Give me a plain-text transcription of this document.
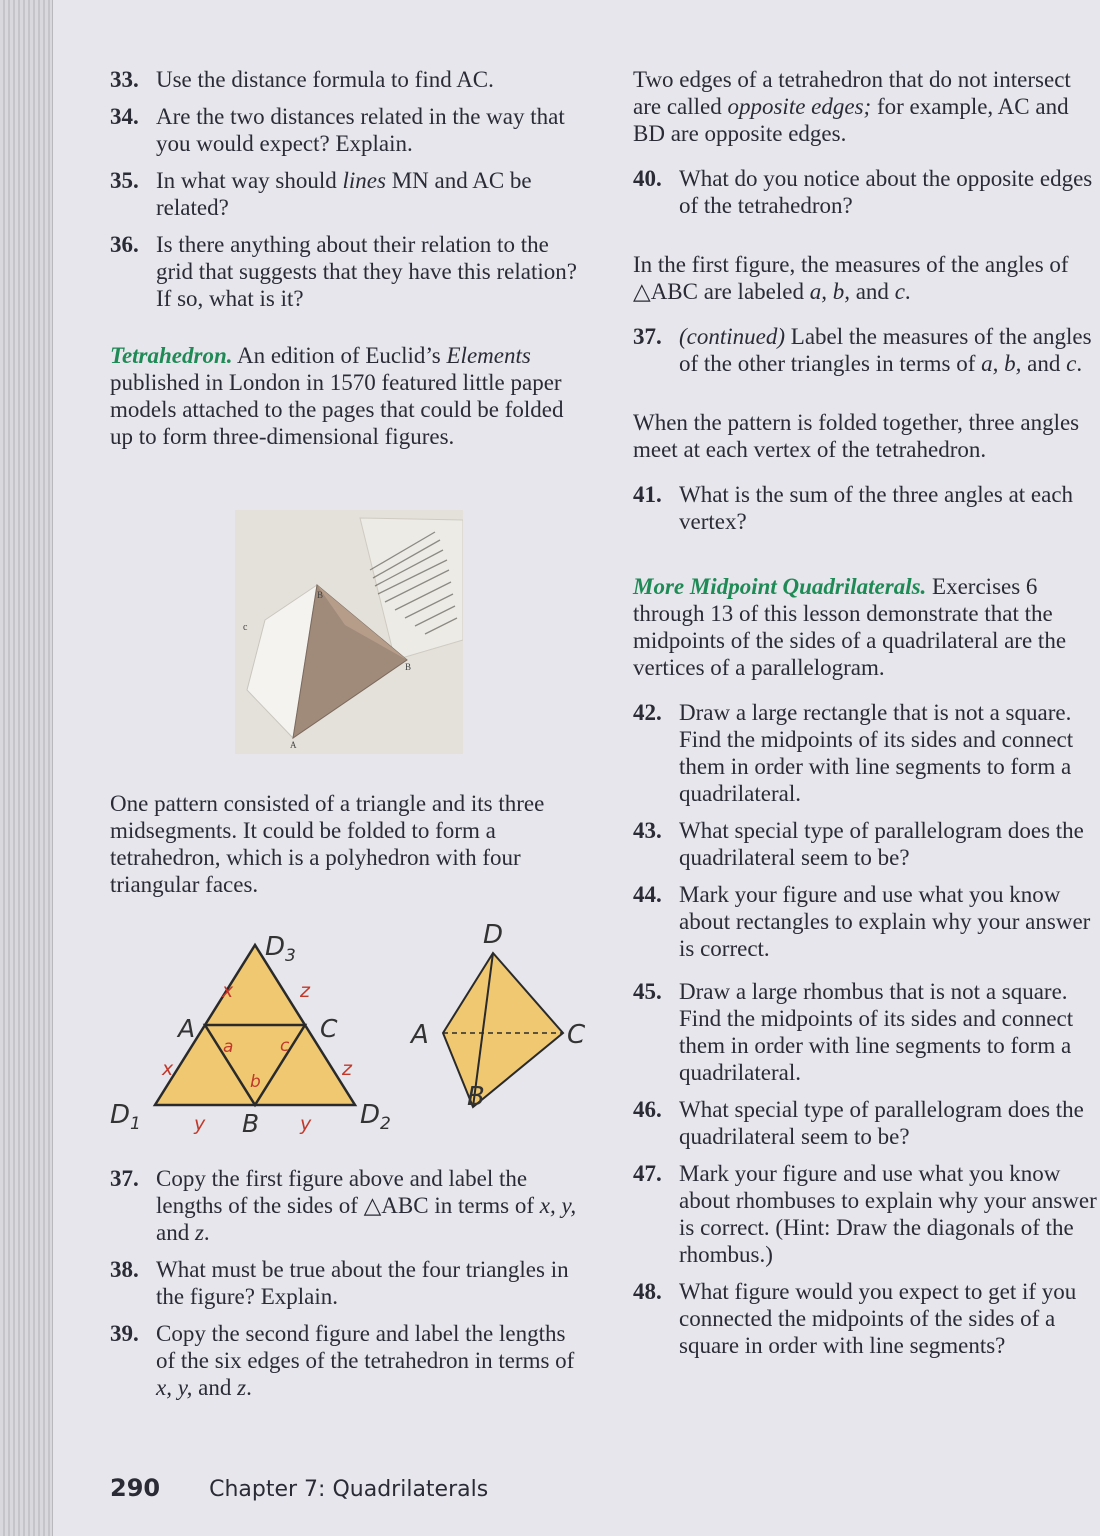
33. Use the distance formula to find AC.
34. Are the two distances related in the way that you would expect? Explain.
35. In what way should lines MN and AC be related?
36. Is there anything about their relation to the grid that suggests that they have this relation? If so, what is it?

Tetrahedron. An edition of Euclid’s Elements published in London in 1570 featured little paper models attached to the pages that could be folded up to form three-dimensional figures.

c
B
B
A

One pattern consisted of a triangle and its three midsegments. It could be folded to form a tetrahedron, which is a polyhedron with four triangular faces.

$D_3$
$D_1$	$D_2$
A	C
B
a	c
b
x
x
z
z
y	y
D
A	C
B
37. Copy the first figure above and label the lengths of the sides of △ABC in terms of x, y, and z.
38. What must be true about the four triangles in the figure? Explain.
39. Copy the second figure and label the lengths of the six edges of the tetrahedron in terms of x, y, and z.

Two edges of a tetrahedron that do not intersect are called opposite edges; for example, AC and BD are opposite edges.

40. What do you notice about the opposite edges of the tetrahedron?

In the first figure, the measures of the angles of △ABC are labeled a, b, and c.

37. (continued) Label the measures of the angles of the other triangles in terms of a, b, and c.

When the pattern is folded together, three angles meet at each vertex of the tetrahedron.

41. What is the sum of the three angles at each vertex?

More Midpoint Quadrilaterals. Exercises 6 through 13 of this lesson demonstrate that the midpoints of the sides of a quadrilateral are the vertices of a parallelogram.

42. Draw a large rectangle that is not a square. Find the midpoints of its sides and connect them in order with line segments to form a quadrilateral.
43. What special type of parallelogram does the quadrilateral seem to be?
44. Mark your figure and use what you know about rectangles to explain why your answer is correct.
45. Draw a large rhombus that is not a square. Find the midpoints of its sides and connect them in order with line segments to form a quadrilateral.
46. What special type of parallelogram does the quadrilateral seem to be?
47. Mark your figure and use what you know about rhombuses to explain why your answer is correct. (Hint: Draw the diagonals of the rhombus.)
48. What figure would you expect to get if you connected the midpoints of the sides of a square in order with line segments?
290 Chapter 7: Quadrilaterals
